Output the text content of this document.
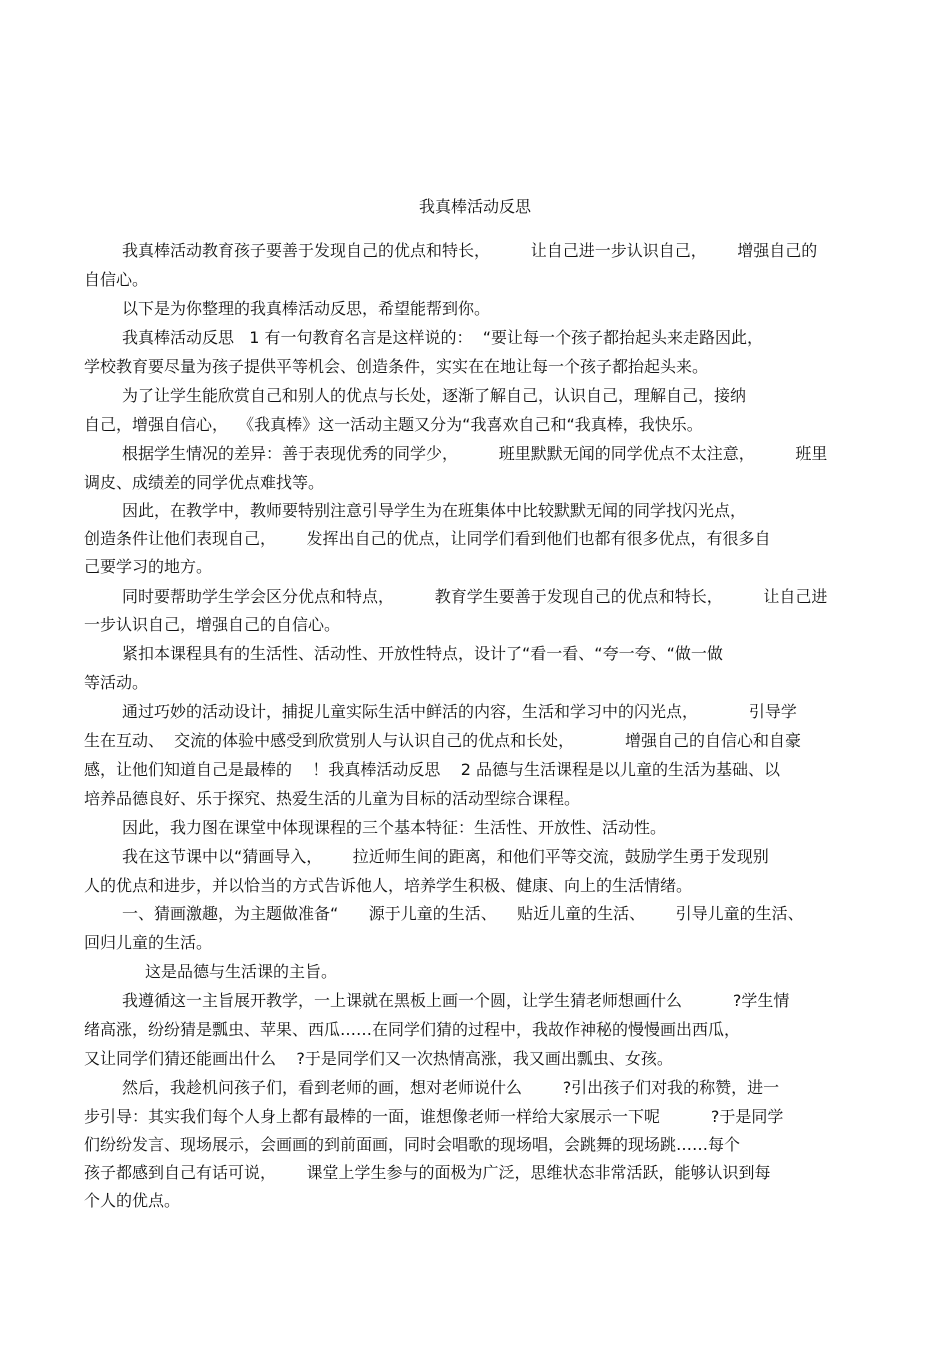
我真棒活动反思
我真棒活动教育孩子要善于发现自己的优点和特长，        让自己进一步认识自己，      增强自己的
自信心。
以下是为你整理的我真棒活动反思，希望能帮到你。
我真棒活动反思   1 有一句教育名言是这样说的：  “要让每一个孩子都抬起头来走路因此，
学校教育要尽量为孩子提供平等机会、创造条件，实实在在地让每一个孩子都抬起头来。
为了让学生能欣赏自己和别人的优点与长处，逐渐了解自己，认识自己，理解自己，接纳
自己，增强自信心，  《我真棒》这一活动主题又分为“我喜欢自己和“我真棒，我快乐。
根据学生情况的差异：善于表现优秀的同学少，        班里默默无闻的同学优点不太注意，        班里
调皮、成绩差的同学优点难找等。
因此，在教学中，教师要特别注意引导学生为在班集体中比较默默无闻的同学找闪光点，
创造条件让他们表现自己，      发挥出自己的优点，让同学们看到他们也都有很多优点，有很多自
己要学习的地方。
同时要帮助学生学会区分优点和特点，        教育学生要善于发现自己的优点和特长，        让自己进
一步认识自己，增强自己的自信心。
紧扣本课程具有的生活性、活动性、开放性特点，设计了“看一看、“夸一夸、“做一做
等活动。
通过巧妙的活动设计，捕捉儿童实际生活中鲜活的内容，生活和学习中的闪光点，          引导学
生在互动、  交流的体验中感受到欣赏别人与认识自己的优点和长处，          增强自己的自信心和自豪
感，让他们知道自己是最棒的    ！我真棒活动反思    2 品德与生活课程是以儿童的生活为基础、以
培养品德良好、乐于探究、热爱生活的儿童为目标的活动型综合课程。
因此，我力图在课堂中体现课程的三个基本特征：生活性、开放性、活动性。
我在这节课中以“猜画导入，      拉近师生间的距离，和他们平等交流，鼓励学生勇于发现别
人的优点和进步，并以恰当的方式告诉他人，培养学生积极、健康、向上的生活情绪。
一、猜画激趣，为主题做准备“      源于儿童的生活、    贴近儿童的生活、      引导儿童的生活、
回归儿童的生活。
这是品德与生活课的主旨。
我遵循这一主旨展开教学，一上课就在黑板上画一个圆，让学生猜老师想画什么          ?学生情
绪高涨，纷纷猜是瓢虫、苹果、西瓜……在同学们猜的过程中，我故作神秘的慢慢画出西瓜，
又让同学们猜还能画出什么    ?于是同学们又一次热情高涨，我又画出瓢虫、女孩。
然后，我趁机问孩子们，看到老师的画，想对老师说什么        ?引出孩子们对我的称赞，进一
步引导：其实我们每个人身上都有最棒的一面，谁想像老师一样给大家展示一下呢          ?于是同学
们纷纷发言、现场展示，会画画的到前面画，同时会唱歌的现场唱，会跳舞的现场跳……每个
孩子都感到自己有话可说，      课堂上学生参与的面极为广泛，思维状态非常活跃，能够认识到每
个人的优点。
